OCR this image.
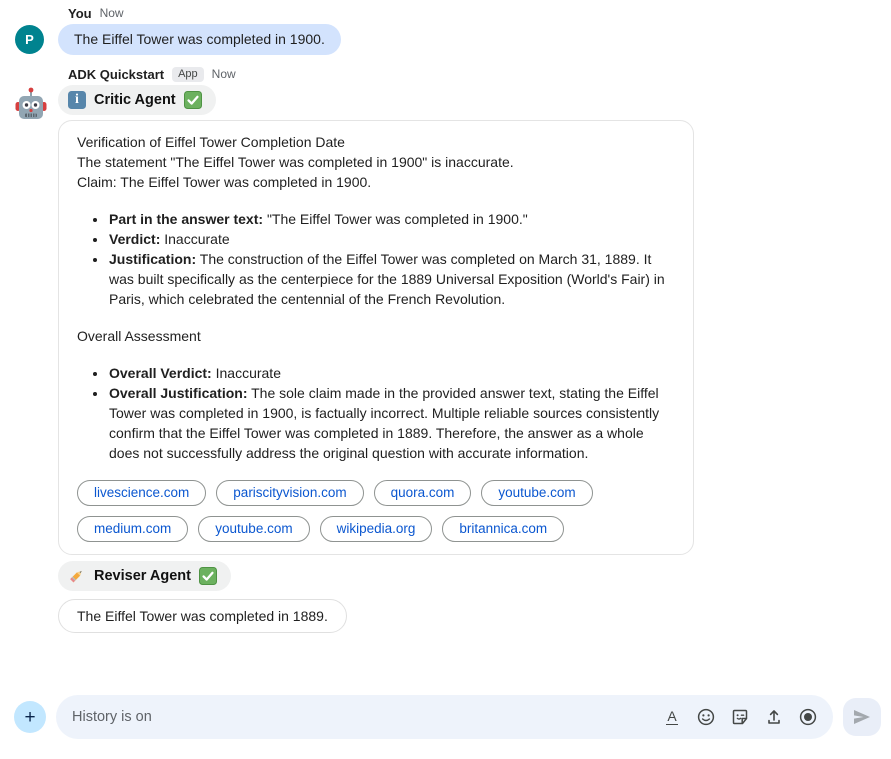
You Now
P	The Eiffel Tower was completed in 1900.
ADK Quickstart	App	Now
i	Critic Agent
Verification of Eiffel Tower Completion Date
The statement "The Eiffel Tower was completed in 1900" is inaccurate.
Claim: The Eiffel Tower was completed in 1900.
• Part in the answer text: "The Eiffel Tower was completed in 1900."
• Verdict: Inaccurate
• Justification: The construction of the Eiffel Tower was completed on March 31, 1889. It was built specifically as the centerpiece for the 1889 Universal Exposition (World's Fair) in Paris, which celebrated the centennial of the French Revolution.
Overall Assessment
• Overall Verdict: Inaccurate
• Overall Justification: The sole claim made in the provided answer text, stating the Eiffel Tower was completed in 1900, is factually incorrect. Multiple reliable sources consistently confirm that the Eiffel Tower was completed in 1889. Therefore, the answer as a whole does not successfully address the original question with accurate information.
livescience.com	pariscityvision.com	quora.com	youtube.com
medium.com	youtube.com	wikipedia.org	britannica.com
Reviser Agent
The Eiffel Tower was completed in 1889.
+
History is on	A
